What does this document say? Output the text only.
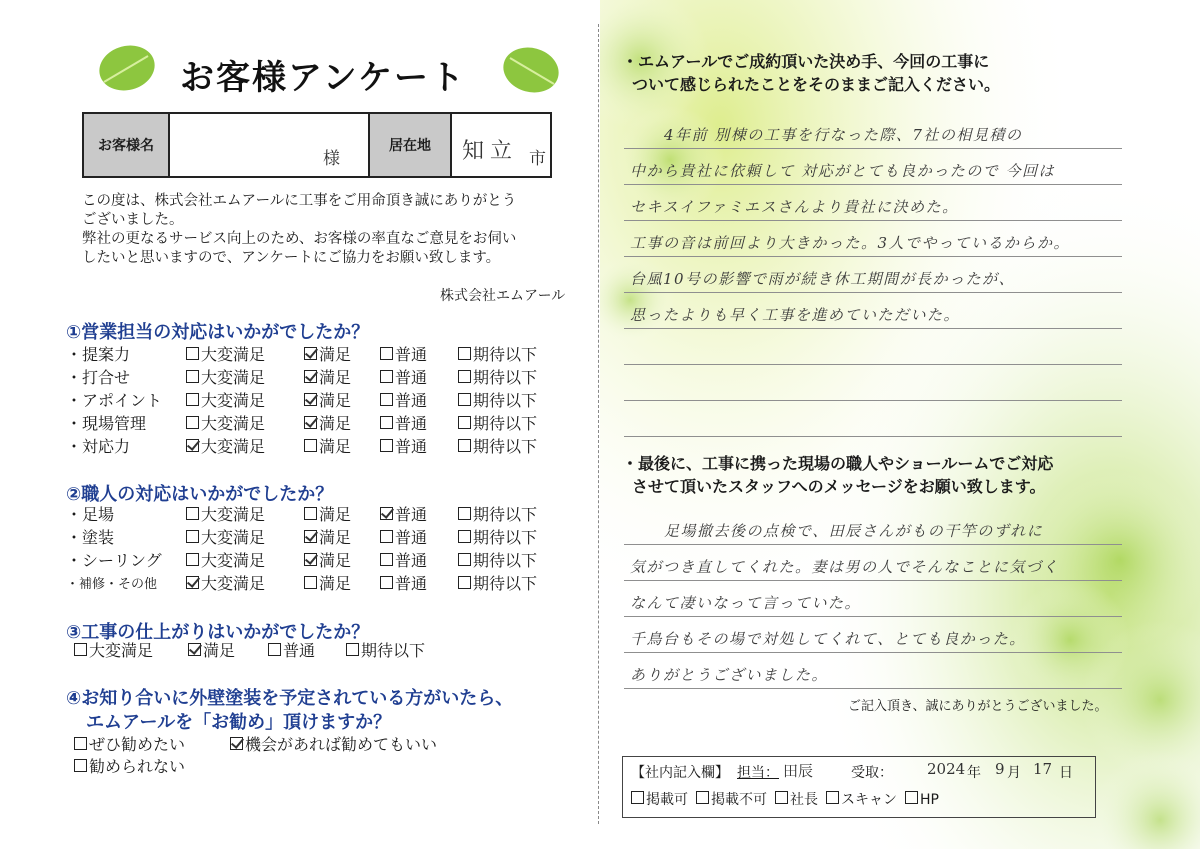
お客様アンケート
お客様名
様
居在地	知立 市
この度は、株式会社エムアールに工事をご用命頂き誠にありがとう
ございました。
弊社の更なるサービス向上のため、お客様の率直なご意見をお伺い
したいと思いますので、アンケートにご協力をお願い致します。
株式会社エムアール
①営業担当の対応はいかがでしたか？
・提案力	大変満足	満足	普通	期待以下
・打合せ	大変満足	満足	普通	期待以下
・アポイント 大変満足	満足	普通	期待以下
・現場管理	大変満足	満足	普通	期待以下
・対応力	大変満足	満足	普通	期待以下
②職人の対応はいかがでしたか？
・足場	大変満足	満足	普通	期待以下
・塗装	大変満足	満足	普通	期待以下
・シーリング 大変満足	満足	普通	期待以下
・補修・その他	大変満足	満足	普通	期待以下
③工事の仕上がりはいかがでしたか？
大変満足	満足	普通	期待以下
④お知り合いに外壁塗装を予定されている方がいたら、
エムアールを「お勧め」頂けますか？
ぜひ勧めたい	機会があれば勧めてもいい
勧められない
・エムアールでご成約頂いた決め手、今回の工事に
ついて感じられたことをそのままご記入ください。
4年前 別棟の工事を行なった際、7社の相見積の
中から貴社に依頼して 対応がとても良かったので 今回は
セキスイファミエスさんより貴社に決めた。
工事の音は前回より大きかった。3人でやっているからか。
台風10号の影響で雨が続き休工期間が長かったが、
思ったよりも早く工事を進めていただいた。
・最後に、工事に携った現場の職人やショールームでご対応
させて頂いたスタッフへのメッセージをお願い致します。
足場撤去後の点検で、田辰さんがもの干竿のずれに
気がつき直してくれた。妻は男の人でそんなことに気づく
なんて凄いなって言っていた。
千鳥台もその場で対処してくれて、とても良かった。
ありがとうございました。
ご記入頂き、誠にありがとうございました。
【社内記入欄】 担当： 田辰	受取： 2024 年 9 月 17 日
掲載可 掲載不可 社長 スキャン HP
